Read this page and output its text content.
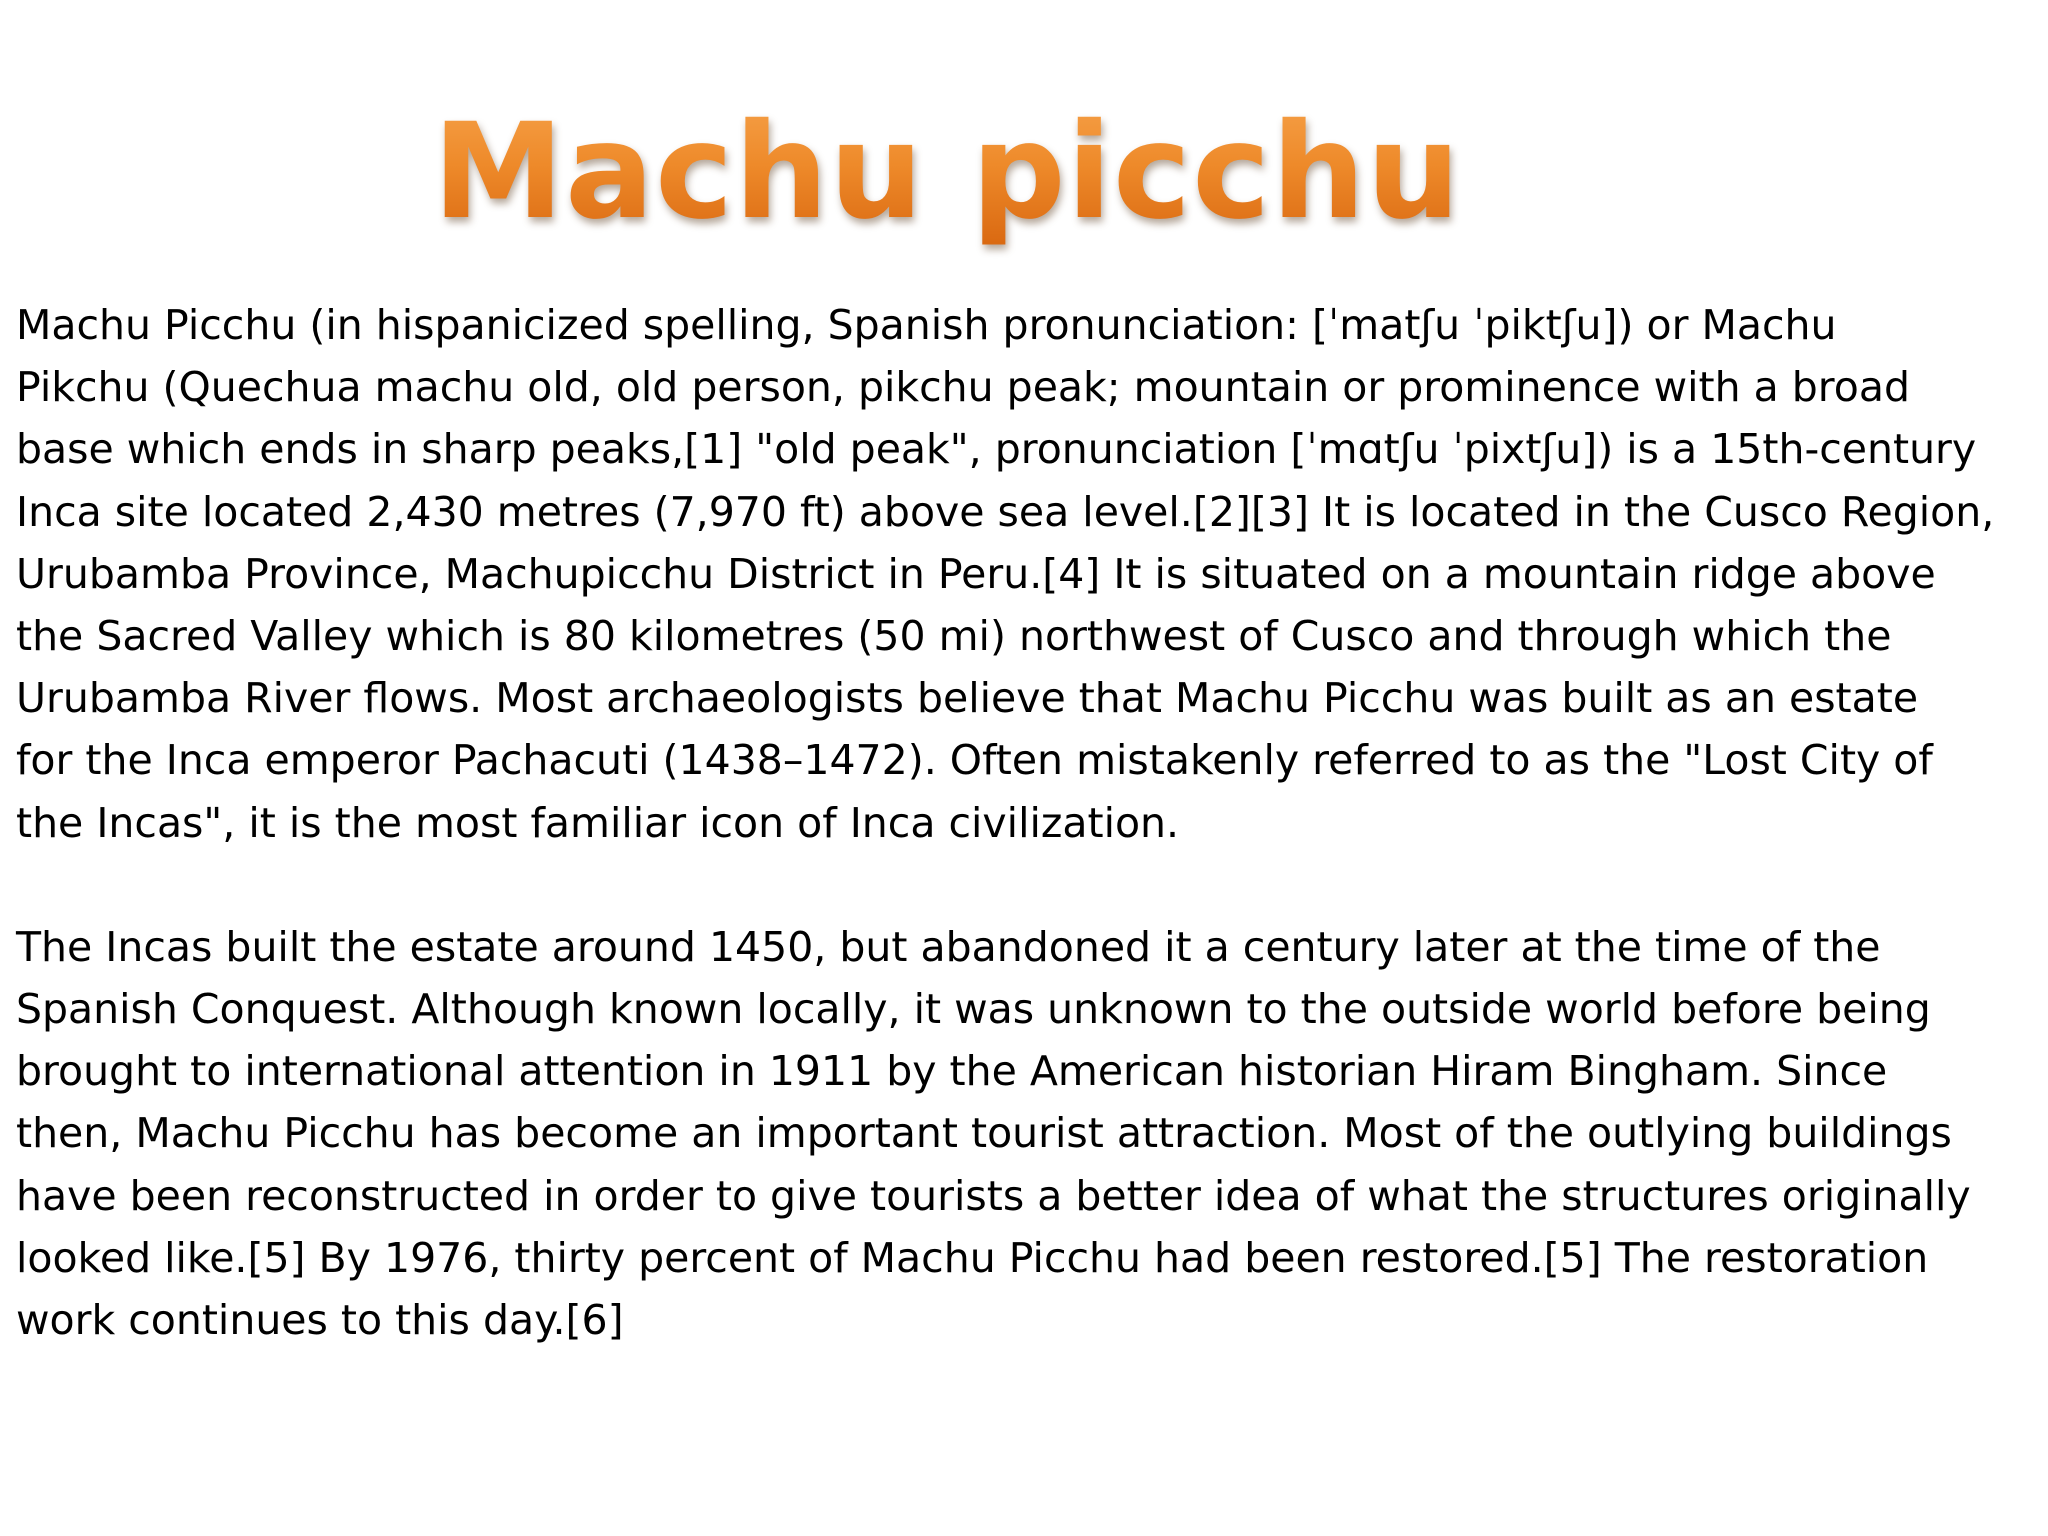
Machu picchu

Machu Picchu (in hispanicized spelling, Spanish pronunciation: [ˈmatʃu ˈpiktʃu]) or Machu
Pikchu (Quechua machu old, old person, pikchu peak; mountain or prominence with a broad
base which ends in sharp peaks,[1] "old peak", pronunciation [ˈmɑtʃu ˈpixtʃu]) is a 15th-century
Inca site located 2,430 metres (7,970 ft) above sea level.[2][3] It is located in the Cusco Region,
Urubamba Province, Machupicchu District in Peru.[4] It is situated on a mountain ridge above
the Sacred Valley which is 80 kilometres (50 mi) northwest of Cusco and through which the
Urubamba River flows. Most archaeologists believe that Machu Picchu was built as an estate
for the Inca emperor Pachacuti (1438–1472). Often mistakenly referred to as the "Lost City of
the Incas", it is the most familiar icon of Inca civilization.

The Incas built the estate around 1450, but abandoned it a century later at the time of the
Spanish Conquest. Although known locally, it was unknown to the outside world before being
brought to international attention in 1911 by the American historian Hiram Bingham. Since
then, Machu Picchu has become an important tourist attraction. Most of the outlying buildings
have been reconstructed in order to give tourists a better idea of what the structures originally
looked like.[5] By 1976, thirty percent of Machu Picchu had been restored.[5] The restoration
work continues to this day.[6]
